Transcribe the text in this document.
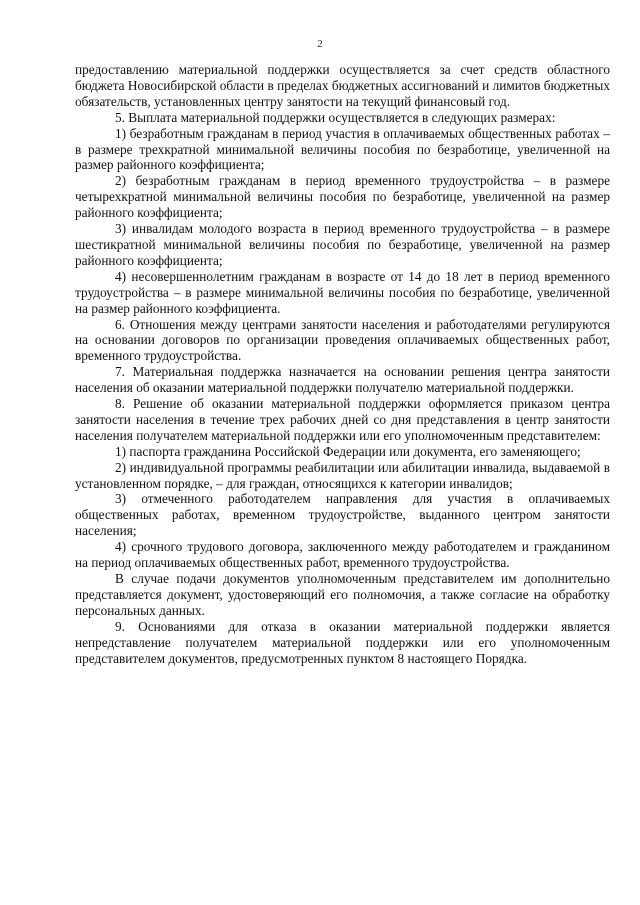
2

предоставлению материальной поддержки осуществляется за счет средств областного бюджета Новосибирской области в пределах бюджетных ассигнований и лимитов бюджетных обязательств, установленных центру занятости на текущий финансовый год.

5. Выплата материальной поддержки осуществляется в следующих размерах:

1) безработным гражданам в период участия в оплачиваемых общественных работах – в размере трехкратной минимальной величины пособия по безработице, увеличенной на размер районного коэффициента;

2) безработным гражданам в период временного трудоустройства – в размере четырехкратной минимальной величины пособия по безработице, увеличенной на размер районного коэффициента;

3) инвалидам молодого возраста в период временного трудоустройства – в размере шестикратной минимальной величины пособия по безработице, увеличенной на размер районного коэффициента;

4) несовершеннолетним гражданам в возрасте от 14 до 18 лет в период временного трудоустройства – в размере минимальной величины пособия по безработице, увеличенной на размер районного коэффициента.

6. Отношения между центрами занятости населения и работодателями регулируются на основании договоров по организации проведения оплачиваемых общественных работ, временного трудоустройства.

7. Материальная поддержка назначается на основании решения центра занятости населения об оказании материальной поддержки получателю материальной поддержки.

8. Решение об оказании материальной поддержки оформляется приказом центра занятости населения в течение трех рабочих дней со дня представления в центр занятости населения получателем материальной поддержки или его уполномоченным представителем:

1) паспорта гражданина Российской Федерации или документа, его заменяющего;

2) индивидуальной программы реабилитации или абилитации инвалида, выдаваемой в установленном порядке, – для граждан, относящихся к категории инвалидов;

3) отмеченного работодателем направления для участия в оплачиваемых общественных работах, временном трудоустройстве, выданного центром занятости населения;

4) срочного трудового договора, заключенного между работодателем и гражданином на период оплачиваемых общественных работ, временного трудоустройства.

В случае подачи документов уполномоченным представителем им дополнительно представляется документ, удостоверяющий его полномочия, а также согласие на обработку персональных данных.

9. Основаниями для отказа в оказании материальной поддержки является непредставление получателем материальной поддержки или его уполномоченным представителем документов, предусмотренных пунктом 8 настоящего Порядка.
